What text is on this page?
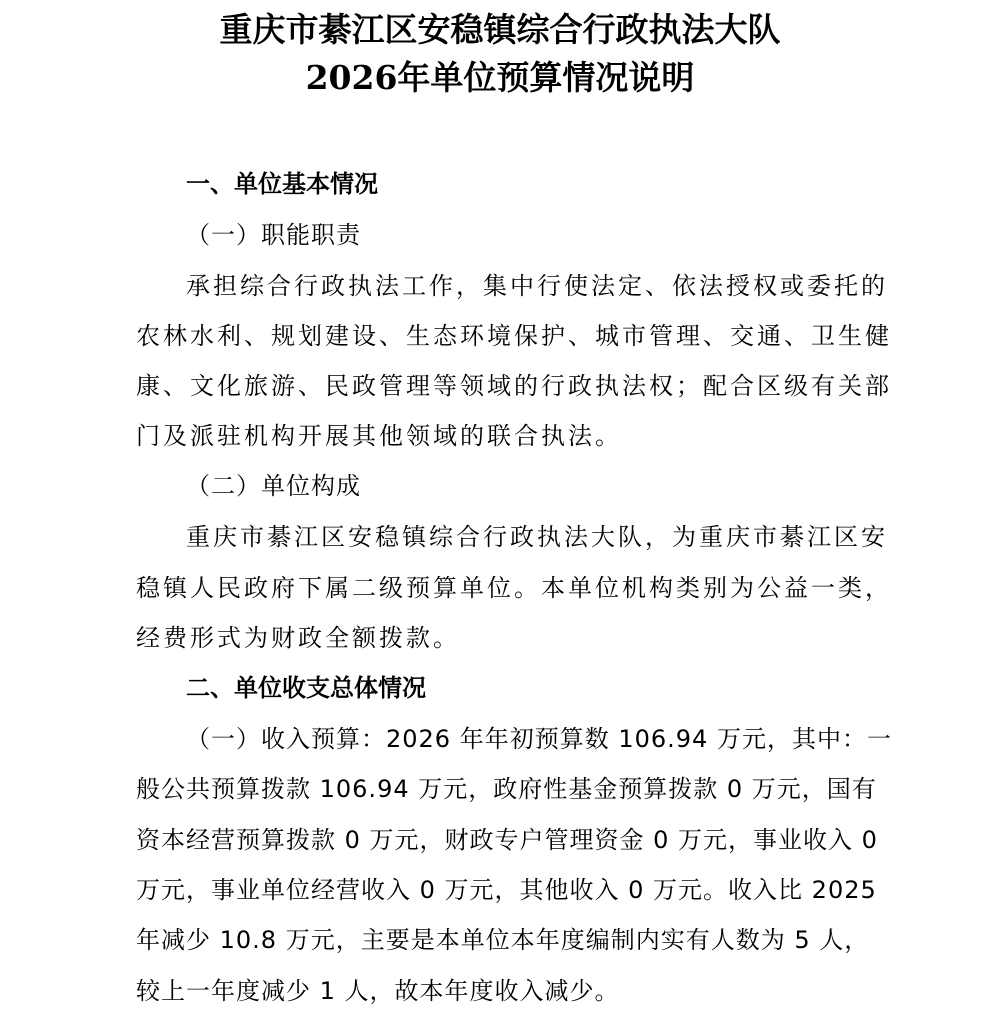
重庆市綦江区安稳镇综合行政执法大队
2026年单位预算情况说明
一、单位基本情况
（一）职能职责
承担综合行政执法工作，集中行使法定、依法授权或委托的
农林水利、规划建设、生态环境保护、城市管理、交通、卫生健
康、文化旅游、民政管理等领域的行政执法权；配合区级有关部
门及派驻机构开展其他领域的联合执法。
（二）单位构成
重庆市綦江区安稳镇综合行政执法大队，为重庆市綦江区安
稳镇人民政府下属二级预算单位。本单位机构类别为公益一类，
经费形式为财政全额拨款。
二、单位收支总体情况
（一）收入预算：2026 年年初预算数 106.94 万元，其中：一
般公共预算拨款 106.94 万元，政府性基金预算拨款 0 万元，国有
资本经营预算拨款 0 万元，财政专户管理资金 0 万元，事业收入 0
万元，事业单位经营收入 0 万元，其他收入 0 万元。收入比 2025
年减少 10.8 万元，主要是本单位本年度编制内实有人数为 5 人，
较上一年度减少 1 人，故本年度收入减少。
